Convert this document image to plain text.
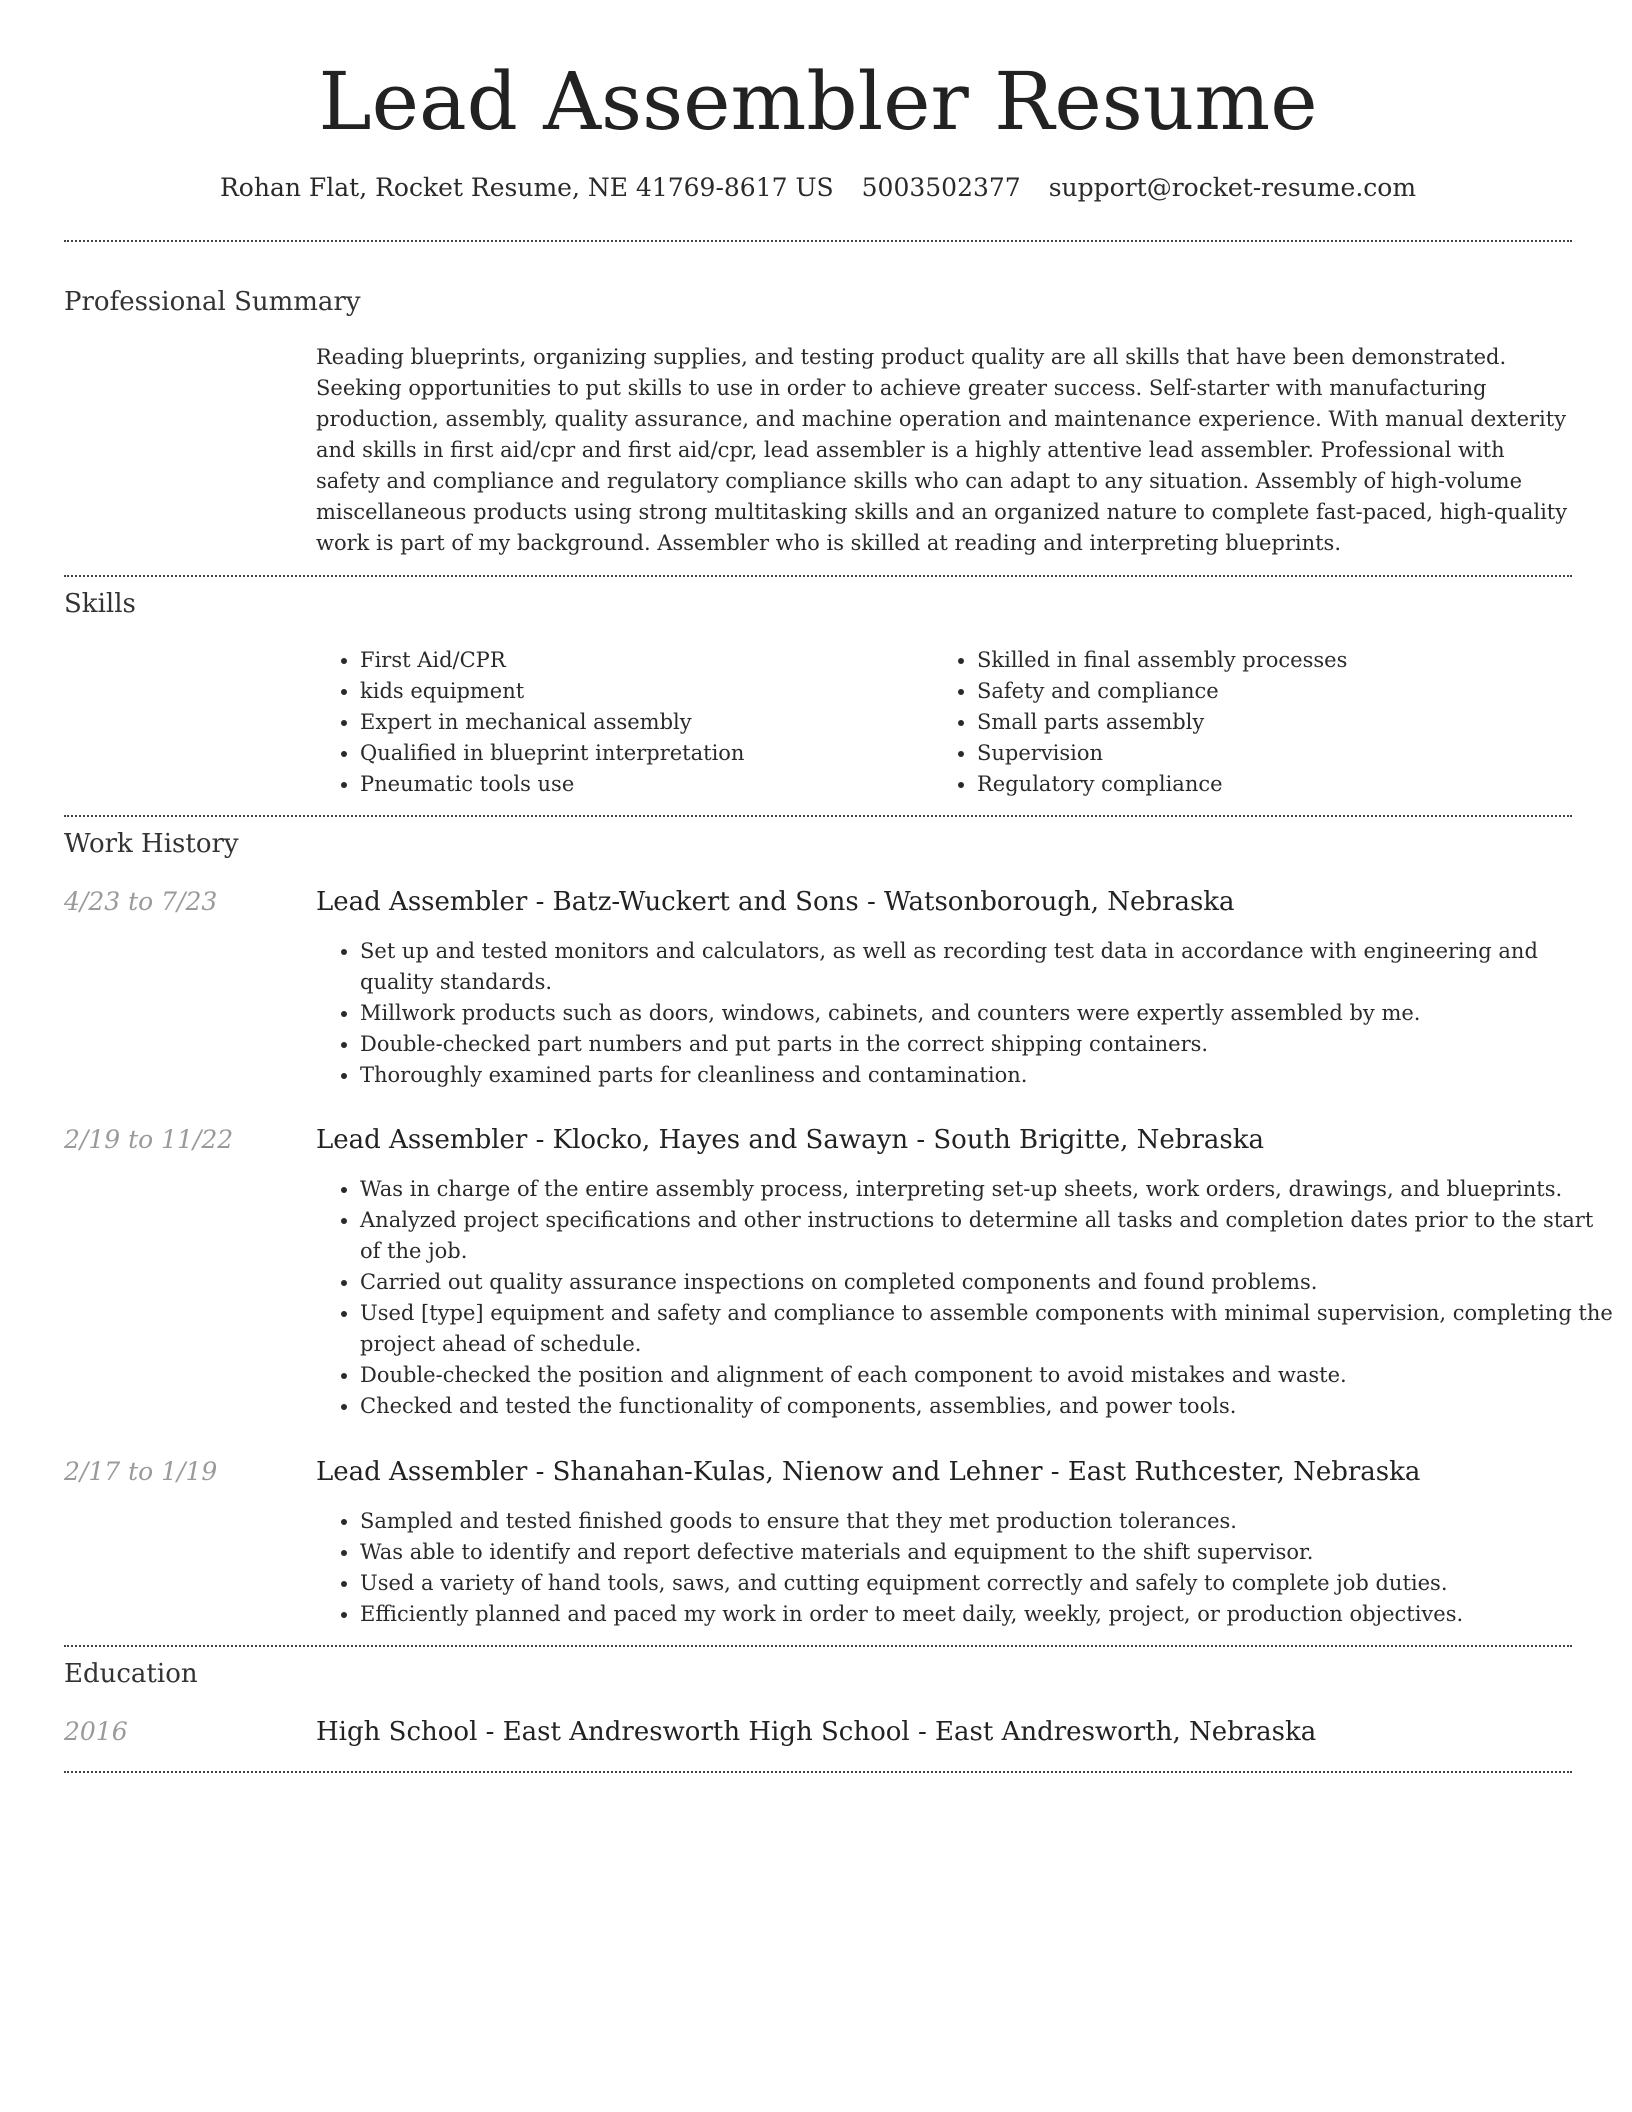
Lead Assembler Resume
Rohan Flat, Rocket Resume, NE 41769-8617 US 5003502377 support@rocket-resume.com
Professional Summary

Reading blueprints, organizing supplies, and testing product quality are all skills that have been demonstrated. Seeking opportunities to put skills to use in order to achieve greater success. Self-starter with manufacturing production, assembly, quality assurance, and machine operation and maintenance experience. With manual dexterity and skills in first aid/cpr and first aid/cpr, lead assembler is a highly attentive lead assembler. Professional with safety and compliance and regulatory compliance skills who can adapt to any situation. Assembly of high-volume miscellaneous products using strong multitasking skills and an organized nature to complete fast-paced, high-quality work is part of my background. Assembler who is skilled at reading and interpreting blueprints.

Skills
• First Aid/CPR
• kids equipment
• Expert in mechanical assembly
• Qualified in blueprint interpretation
• Pneumatic tools use
• Skilled in final assembly processes
• Safety and compliance
• Small parts assembly
• Supervision
• Regulatory compliance
Work History
4/23 to 7/23	Lead Assembler - Batz-Wuckert and Sons - Watsonborough, Nebraska
• Set up and tested monitors and calculators, as well as recording test data in accordance with engineering and quality standards.
• Millwork products such as doors, windows, cabinets, and counters were expertly assembled by me.
• Double-checked part numbers and put parts in the correct shipping containers.
• Thoroughly examined parts for cleanliness and contamination.
2/19 to 11/22	Lead Assembler - Klocko, Hayes and Sawayn - South Brigitte, Nebraska
• Was in charge of the entire assembly process, interpreting set-up sheets, work orders, drawings, and blueprints.
• Analyzed project specifications and other instructions to determine all tasks and completion dates prior to the start of the job.
• Carried out quality assurance inspections on completed components and found problems.
• Used [type] equipment and safety and compliance to assemble components with minimal supervision, completing the project ahead of schedule.
• Double-checked the position and alignment of each component to avoid mistakes and waste.
• Checked and tested the functionality of components, assemblies, and power tools.
2/17 to 1/19	Lead Assembler - Shanahan-Kulas, Nienow and Lehner - East Ruthcester, Nebraska
• Sampled and tested finished goods to ensure that they met production tolerances.
• Was able to identify and report defective materials and equipment to the shift supervisor.
• Used a variety of hand tools, saws, and cutting equipment correctly and safely to complete job duties.
• Efficiently planned and paced my work in order to meet daily, weekly, project, or production objectives.
Education
2016	High School - East Andresworth High School - East Andresworth, Nebraska
